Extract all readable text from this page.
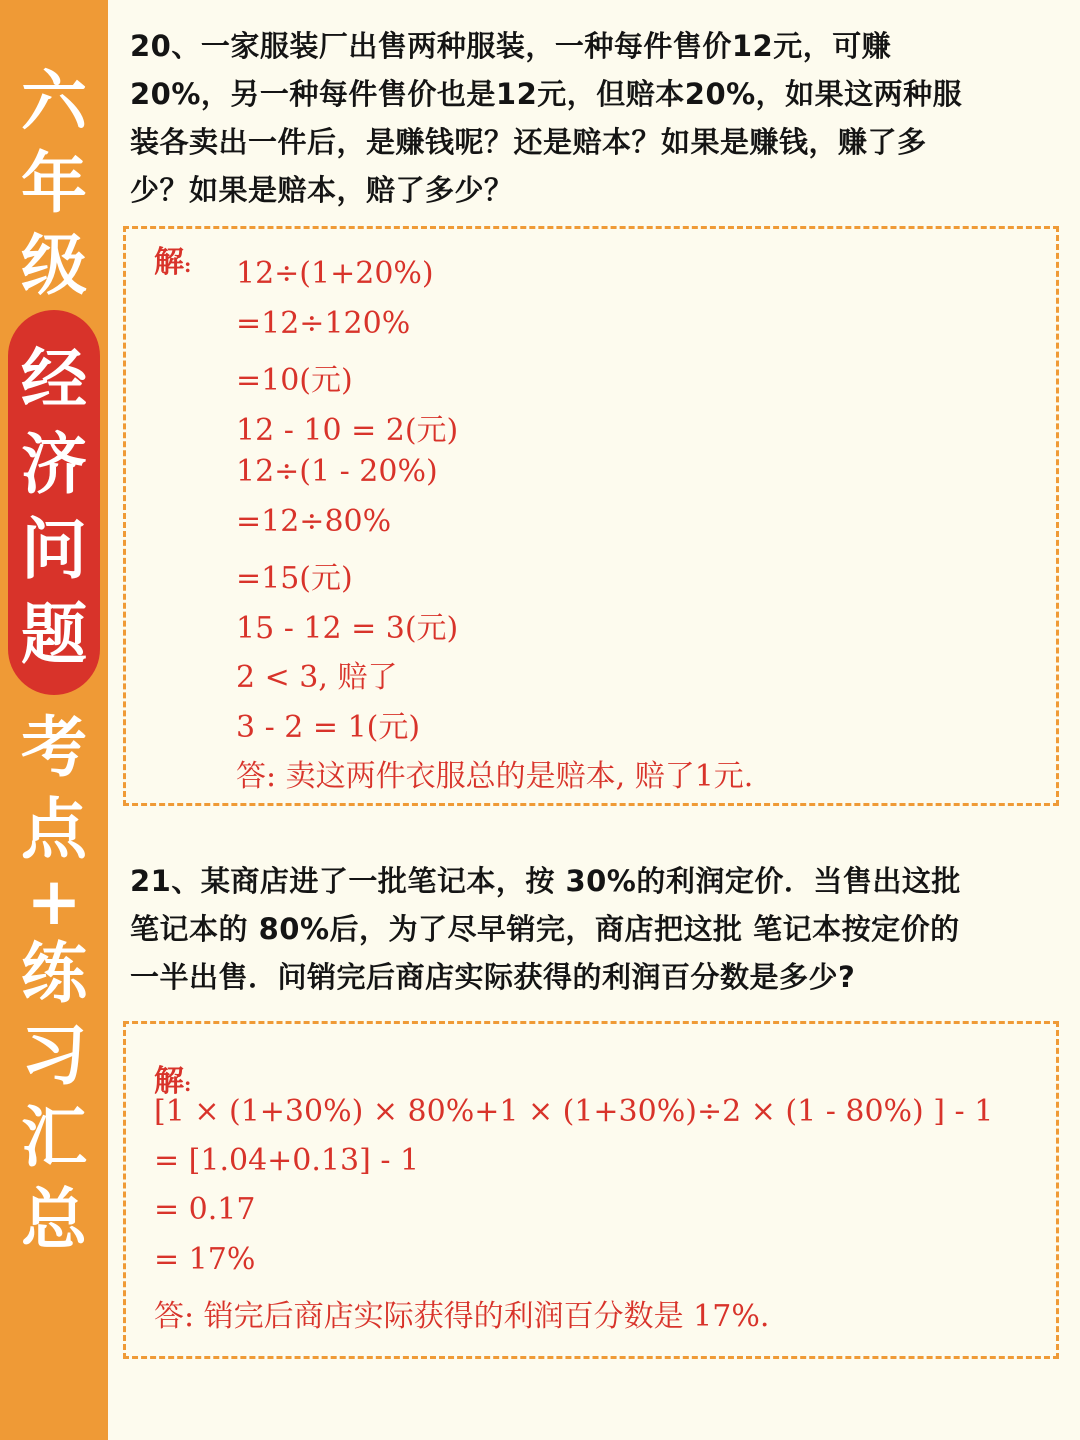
六
年
级
经
济
问
题
考
点
+
练
习
汇
总

20、一家服装厂出售两种服装，一种每件售价12元，可赚
20%，另一种每件售价也是12元，但赔本20%，如果这两种服
装各卖出一件后，是赚钱呢？还是赔本？如果是赚钱，赚了多
少？如果是赔本，赔了多少？

解: 12÷(1+20%)

=12÷120%

=10(元)

12 - 10 = 2(元)

12÷(1 - 20%)

=12÷80%

=15(元)

15 - 12 = 3(元)

2 < 3, 赔了

3 - 2 = 1(元)

答: 卖这两件衣服总的是赔本, 赔了1元.

21、某商店进了一批笔记本，按 30%的利润定价．当售出这批
笔记本的 80%后，为了尽早销完，商店把这批 笔记本按定价的
一半出售．问销完后商店实际获得的利润百分数是多少?

解:

[1 × (1+30%) × 80%+1 × (1+30%)÷2 × (1 - 80%) ] - 1

= [1.04+0.13] - 1

= 0.17

= 17%

答: 销完后商店实际获得的利润百分数是 17%.
